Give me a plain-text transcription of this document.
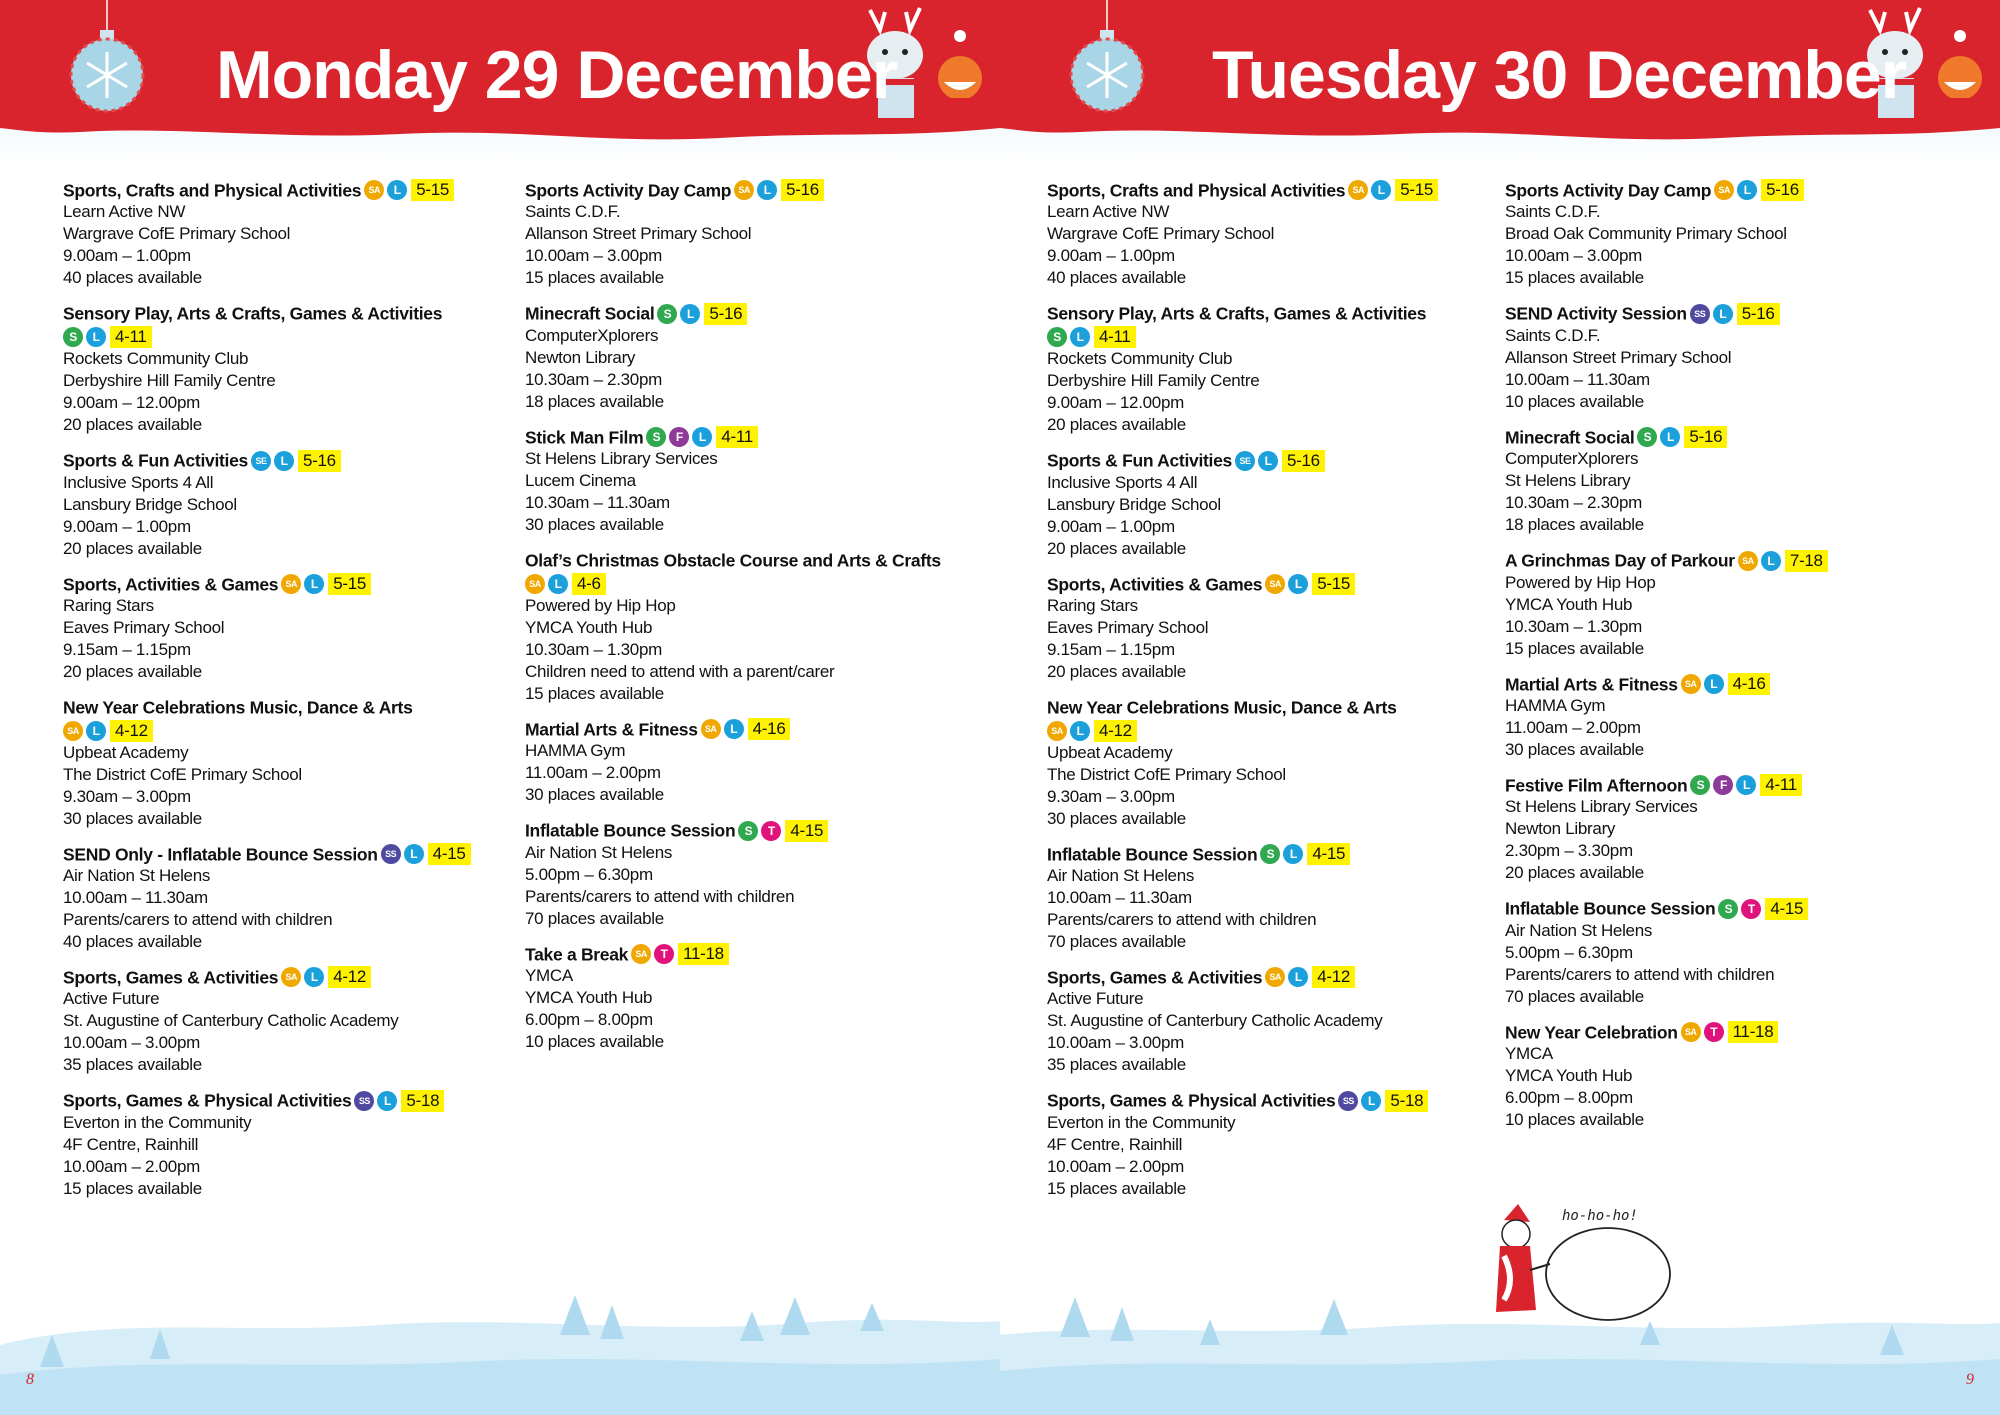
Monday 29 December
Sports, Crafts and Physical Activities SA L 5-15
Learn Active NW
Wargrave CofE Primary School
9.00am – 1.00pm
40 places available
Sensory Play, Arts & Crafts, Games & Activities
S L 4-11
Rockets Community Club
Derbyshire Hill Family Centre
9.00am – 12.00pm
20 places available
Sports & Fun Activities SE L 5-16
Inclusive Sports 4 All
Lansbury Bridge School
9.00am – 1.00pm
20 places available
Sports, Activities & Games SA L 5-15
Raring Stars
Eaves Primary School
9.15am – 1.15pm
20 places available
New Year Celebrations Music, Dance & Arts
SA L 4-12
Upbeat Academy
The District CofE Primary School
9.30am – 3.00pm
30 places available
SEND Only - Inflatable Bounce Session SS L 4-15
Air Nation St Helens
10.00am – 11.30am
Parents/carers to attend with children
40 places available
Sports, Games & Activities SA L 4-12
Active Future
St. Augustine of Canterbury Catholic Academy
10.00am – 3.00pm
35 places available
Sports, Games & Physical Activities SS L 5-18
Everton in the Community
4F Centre, Rainhill
10.00am – 2.00pm
15 places available
Sports Activity Day Camp SA L 5-16
Saints C.D.F.
Allanson Street Primary School
10.00am – 3.00pm
15 places available
Minecraft Social S L 5-16
ComputerXplorers
Newton Library
10.30am – 2.30pm
18 places available
Stick Man Film S F L 4-11
St Helens Library Services
Lucem Cinema
10.30am – 11.30am
30 places available
Olaf’s Christmas Obstacle Course and Arts & Crafts
SA L 4-6
Powered by Hip Hop
YMCA Youth Hub
10.30am – 1.30pm
Children need to attend with a parent/carer
15 places available
Martial Arts & Fitness SA L 4-16
HAMMA Gym
11.00am – 2.00pm
30 places available
Inflatable Bounce Session S T 4-15
Air Nation St Helens
5.00pm – 6.30pm
Parents/carers to attend with children
70 places available
Take a Break SA T 11-18
YMCA
YMCA Youth Hub
6.00pm – 8.00pm
10 places available
8
Tuesday 30 December
Sports, Crafts and Physical Activities SA L 5-15
Learn Active NW
Wargrave CofE Primary School
9.00am – 1.00pm
40 places available
Sensory Play, Arts & Crafts, Games & Activities
S L 4-11
Rockets Community Club
Derbyshire Hill Family Centre
9.00am – 12.00pm
20 places available
Sports & Fun Activities SE L 5-16
Inclusive Sports 4 All
Lansbury Bridge School
9.00am – 1.00pm
20 places available
Sports, Activities & Games SA L 5-15
Raring Stars
Eaves Primary School
9.15am – 1.15pm
20 places available
New Year Celebrations Music, Dance & Arts
SA L 4-12
Upbeat Academy
The District CofE Primary School
9.30am – 3.00pm
30 places available
Inflatable Bounce Session S L 4-15
Air Nation St Helens
10.00am – 11.30am
Parents/carers to attend with children
70 places available
Sports, Games & Activities SA L 4-12
Active Future
St. Augustine of Canterbury Catholic Academy
10.00am – 3.00pm
35 places available
Sports, Games & Physical Activities SS L 5-18
Everton in the Community
4F Centre, Rainhill
10.00am – 2.00pm
15 places available
Sports Activity Day Camp SA L 5-16
Saints C.D.F.
Broad Oak Community Primary School
10.00am – 3.00pm
15 places available
SEND Activity Session SS L 5-16
Saints C.D.F.
Allanson Street Primary School
10.00am – 11.30am
10 places available
Minecraft Social S L 5-16
ComputerXplorers
St Helens Library
10.30am – 2.30pm
18 places available
A Grinchmas Day of Parkour SA L 7-18
Powered by Hip Hop
YMCA Youth Hub
10.30am – 1.30pm
15 places available
Martial Arts & Fitness SA L 4-16
HAMMA Gym
11.00am – 2.00pm
30 places available
Festive Film Afternoon S F L 4-11
St Helens Library Services
Newton Library
2.30pm – 3.30pm
20 places available
Inflatable Bounce Session S T 4-15
Air Nation St Helens
5.00pm – 6.30pm
Parents/carers to attend with children
70 places available
New Year Celebration SA T 11-18
YMCA
YMCA Youth Hub
6.00pm – 8.00pm
10 places available
ho-ho-ho!
9
